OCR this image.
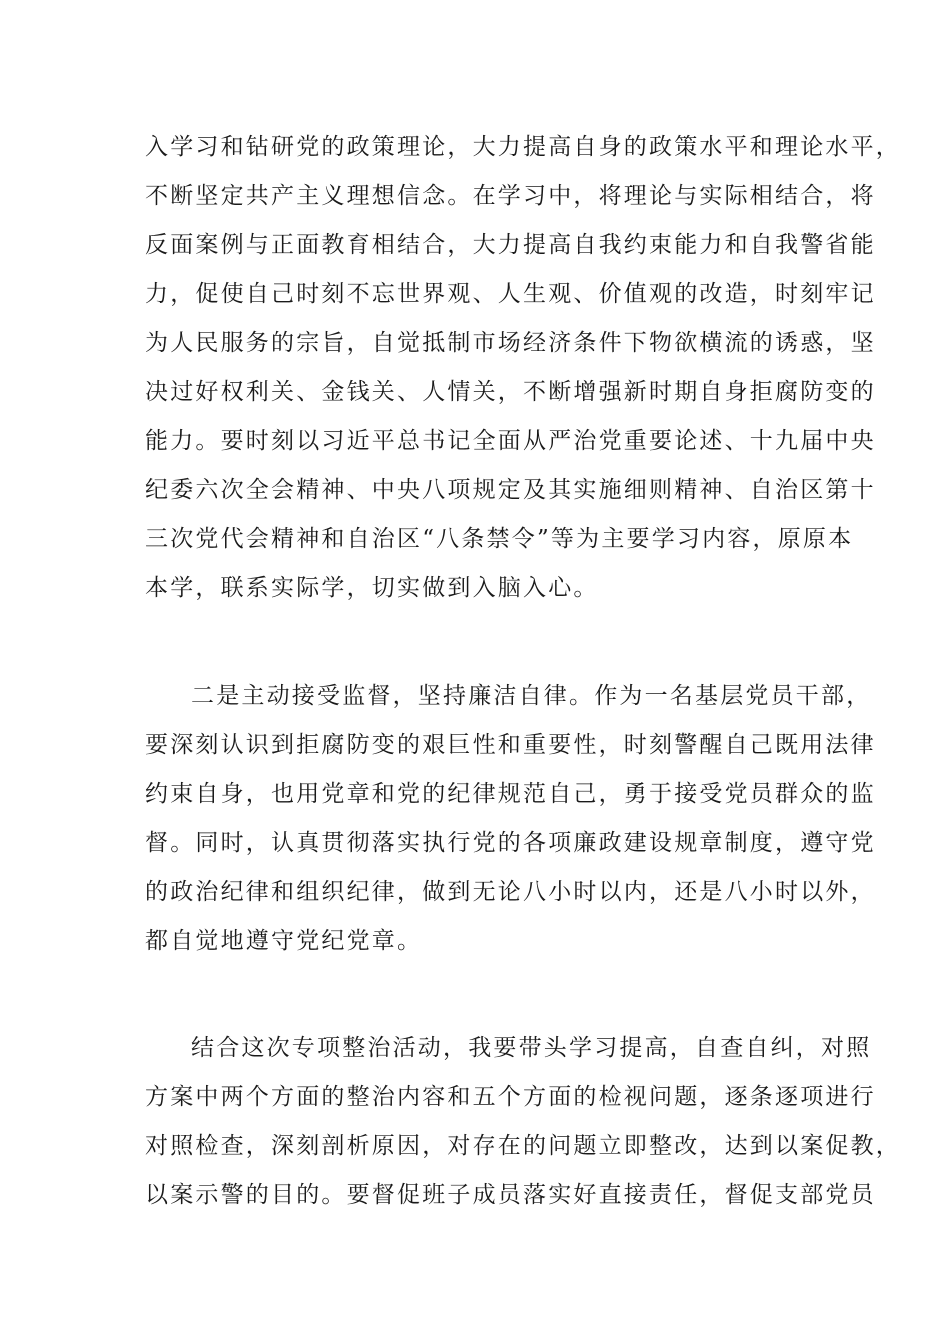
入学习和钻研党的政策理论，大力提高自身的政策水平和理论水平，
不断坚定共产主义理想信念。在学习中，将理论与实际相结合，将
反面案例与正面教育相结合，大力提高自我约束能力和自我警省能
力，促使自己时刻不忘世界观、人生观、价值观的改造，时刻牢记
为人民服务的宗旨，自觉抵制市场经济条件下物欲横流的诱惑，坚
决过好权利关、金钱关、人情关，不断增强新时期自身拒腐防变的
能力。要时刻以习近平总书记全面从严治党重要论述、十九届中央
纪委六次全会精神、中央八项规定及其实施细则精神、自治区第十
三次党代会精神和自治区“八条禁令”等为主要学习内容，原原本
本学，联系实际学，切实做到入脑入心。
二是主动接受监督，坚持廉洁自律。作为一名基层党员干部，
要深刻认识到拒腐防变的艰巨性和重要性，时刻警醒自己既用法律
约束自身，也用党章和党的纪律规范自己，勇于接受党员群众的监
督。同时，认真贯彻落实执行党的各项廉政建设规章制度，遵守党
的政治纪律和组织纪律，做到无论八小时以内，还是八小时以外，
都自觉地遵守党纪党章。
结合这次专项整治活动，我要带头学习提高，自查自纠，对照
方案中两个方面的整治内容和五个方面的检视问题，逐条逐项进行
对照检查，深刻剖析原因，对存在的问题立即整改，达到以案促教，
以案示警的目的。要督促班子成员落实好直接责任，督促支部党员
